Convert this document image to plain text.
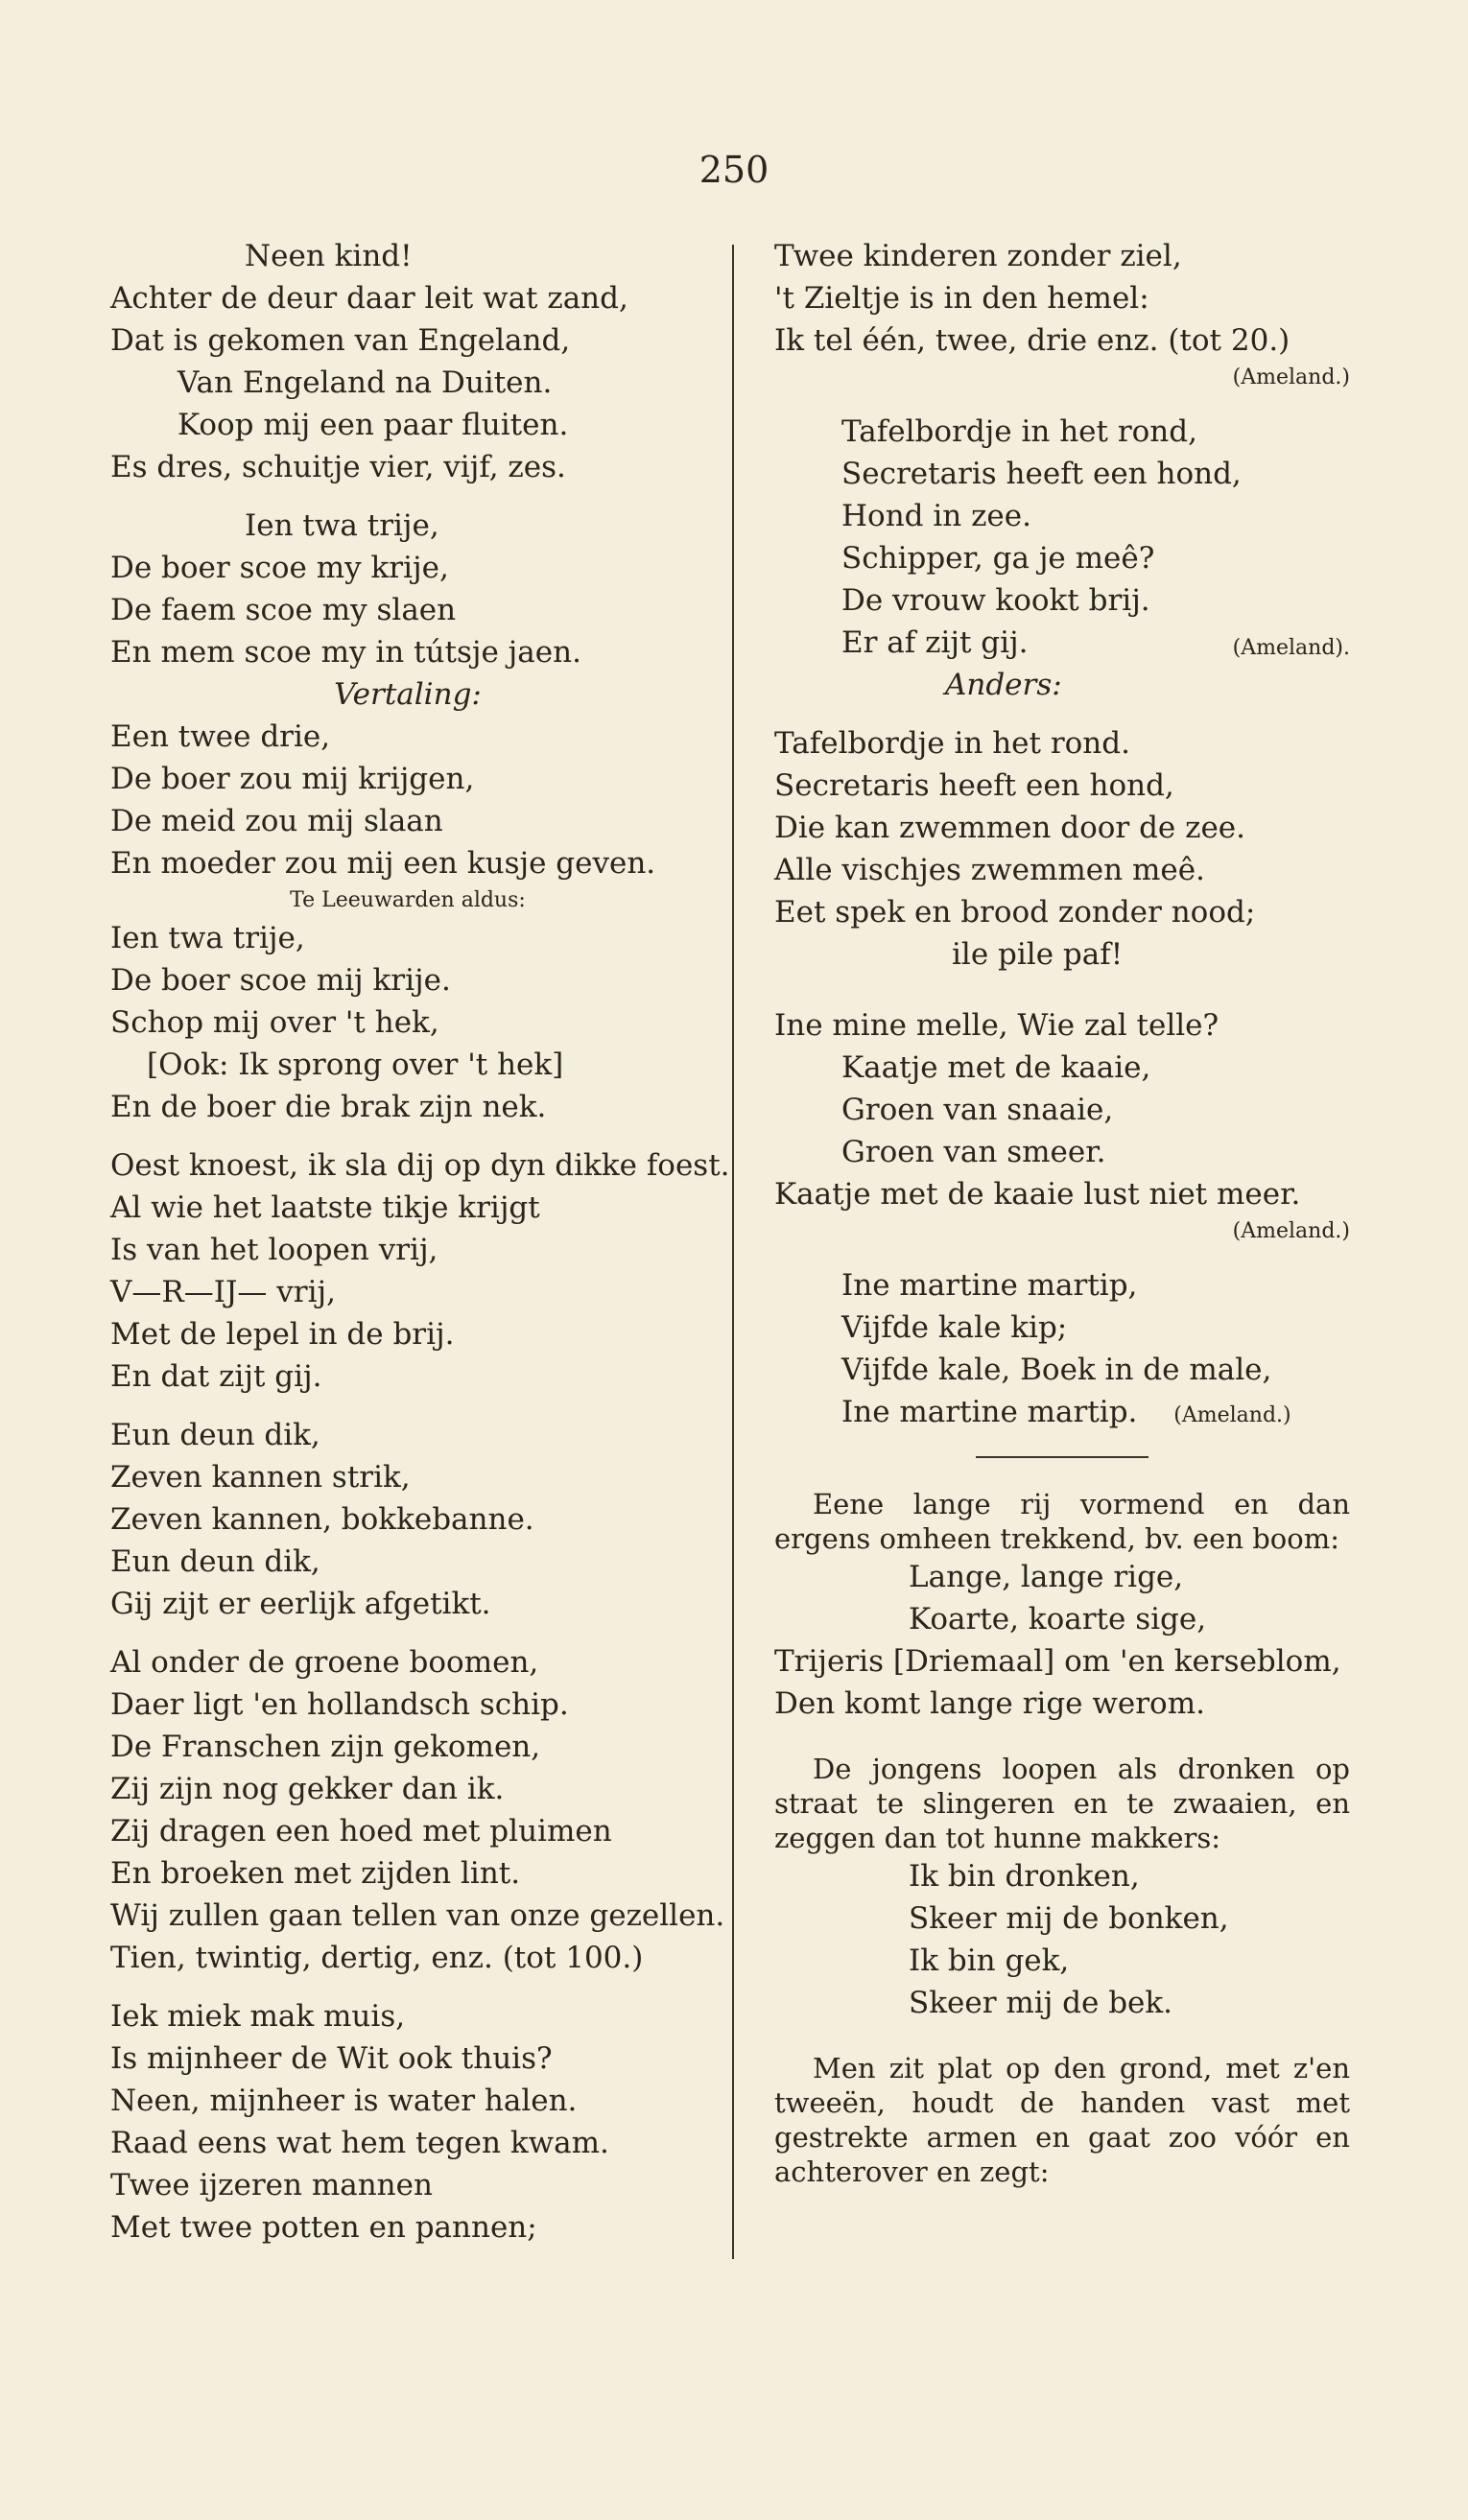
250
Neen kind!
Achter de deur daar leit wat zand,
Dat is gekomen van Engeland,
Van Engeland na Duiten.
Koop mij een paar fluiten.
Es dres, schuitje vier, vijf, zes.
Ien twa trije,
De boer scoe my krije,
De faem scoe my slaen
En mem scoe my in tútsje jaen.
Vertaling:
Een twee drie,
De boer zou mij krijgen,
De meid zou mij slaan
En moeder zou mij een kusje geven.
Te Leeuwarden aldus:
Ien twa trije,
De boer scoe mij krije.
Schop mij over 't hek,
[Ook: Ik sprong over 't hek]
En de boer die brak zijn nek.
Oest knoest, ik sla dij op dyn dikke foest.
Al wie het laatste tikje krijgt
Is van het loopen vrij,
V—R—IJ— vrij,
Met de lepel in de brij.
En dat zijt gij.
Eun deun dik,
Zeven kannen strik,
Zeven kannen, bokkebanne.
Eun deun dik,
Gij zijt er eerlijk afgetikt.
Al onder de groene boomen,
Daer ligt 'en hollandsch schip.
De Franschen zijn gekomen,
Zij zijn nog gekker dan ik.
Zij dragen een hoed met pluimen
En broeken met zijden lint.
Wij zullen gaan tellen van onze gezellen.
Tien, twintig, dertig, enz. (tot 100.)
Iek miek mak muis,
Is mijnheer de Wit ook thuis?
Neen, mijnheer is water halen.
Raad eens wat hem tegen kwam.
Twee ijzeren mannen
Met twee potten en pannen;
Twee kinderen zonder ziel,
't Zieltje is in den hemel:
Ik tel één, twee, drie enz. (tot 20.)
(Ameland.)
Tafelbordje in het rond,
Secretaris heeft een hond,
Hond in zee.
Schipper, ga je meê?
De vrouw kookt brij.
Er af zijt gij.	(Ameland).
Anders:
Tafelbordje in het rond.
Secretaris heeft een hond,
Die kan zwemmen door de zee.
Alle vischjes zwemmen meê.
Eet spek en brood zonder nood;
ile pile paf!
Ine mine melle, Wie zal telle?
Kaatje met de kaaie,
Groen van snaaie,
Groen van smeer.
Kaatje met de kaaie lust niet meer.
(Ameland.)
Ine martine martip,
Vijfde kale kip;
Vijfde kale, Boek in de male,
Ine martine martip. (Ameland.)
Eene lange rij vormend en dan ergens omheen trekkend, bv. een boom:
Lange, lange rige,
Koarte, koarte sige,
Trijeris [Driemaal] om 'en kerseblom,
Den komt lange rige werom.
De jongens loopen als dronken op straat te slingeren en te zwaaien, en zeggen dan tot hunne makkers:
Ik bin dronken,
Skeer mij de bonken,
Ik bin gek,
Skeer mij de bek.
Men zit plat op den grond, met z'en tweeën, houdt de handen vast met gestrekte armen en gaat zoo vóór en achterover en zegt:
